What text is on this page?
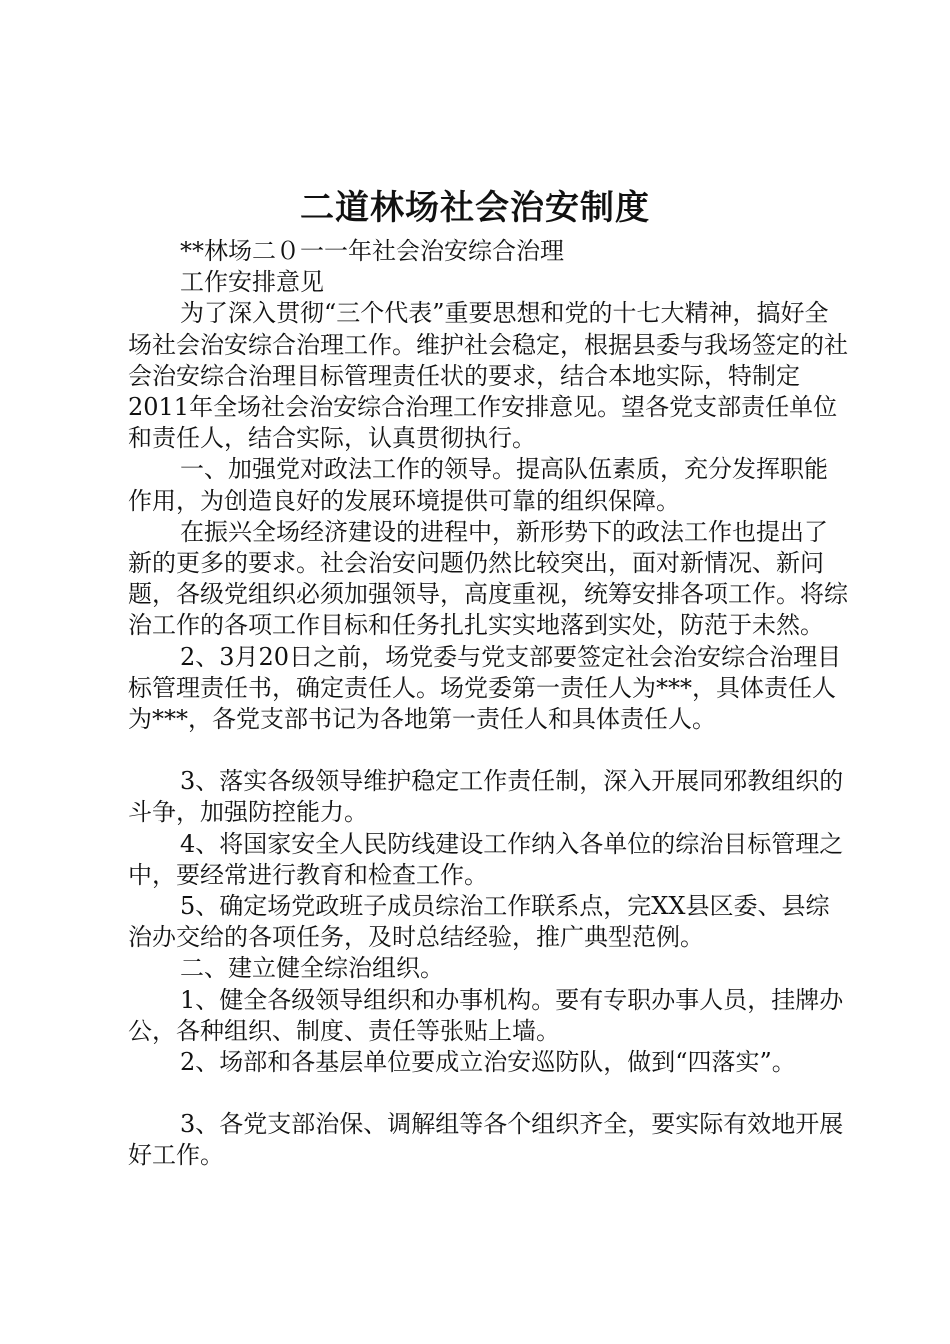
二道林场社会治安制度

**林场二０一一年社会治安综合治理

工作安排意见

为了深入贯彻“三个代表”重要思想和党的十七大精神，搞好全场社会治安综合治理工作。维护社会稳定，根据县委与我场签定的社会治安综合治理目标管理责任状的要求，结合本地实际，特制定2011年全场社会治安综合治理工作安排意见。望各党支部责任单位和责任人，结合实际，认真贯彻执行。

一、加强党对政法工作的领导。提高队伍素质，充分发挥职能作用，为创造良好的发展环境提供可靠的组织保障。

在振兴全场经济建设的进程中，新形势下的政法工作也提出了新的更多的要求。社会治安问题仍然比较突出，面对新情况、新问题，各级党组织必须加强领导，高度重视，统筹安排各项工作。将综治工作的各项工作目标和任务扎扎实实地落到实处，防范于未然。

2、3月20日之前，场党委与党支部要签定社会治安综合治理目标管理责任书，确定责任人。场党委第一责任人为***，具体责任人为***，各党支部书记为各地第一责任人和具体责任人。

3、落实各级领导维护稳定工作责任制，深入开展同邪教组织的斗争，加强防控能力。

4、将国家安全人民防线建设工作纳入各单位的综治目标管理之中，要经常进行教育和检查工作。

5、确定场党政班子成员综治工作联系点，完XX县区委、县综治办交给的各项任务，及时总结经验，推广典型范例。

二、建立健全综治组织。

1、健全各级领导组织和办事机构。要有专职办事人员，挂牌办公，各种组织、制度、责任等张贴上墙。

2、场部和各基层单位要成立治安巡防队，做到“四落实”。

3、各党支部治保、调解组等各个组织齐全，要实际有效地开展好工作。
